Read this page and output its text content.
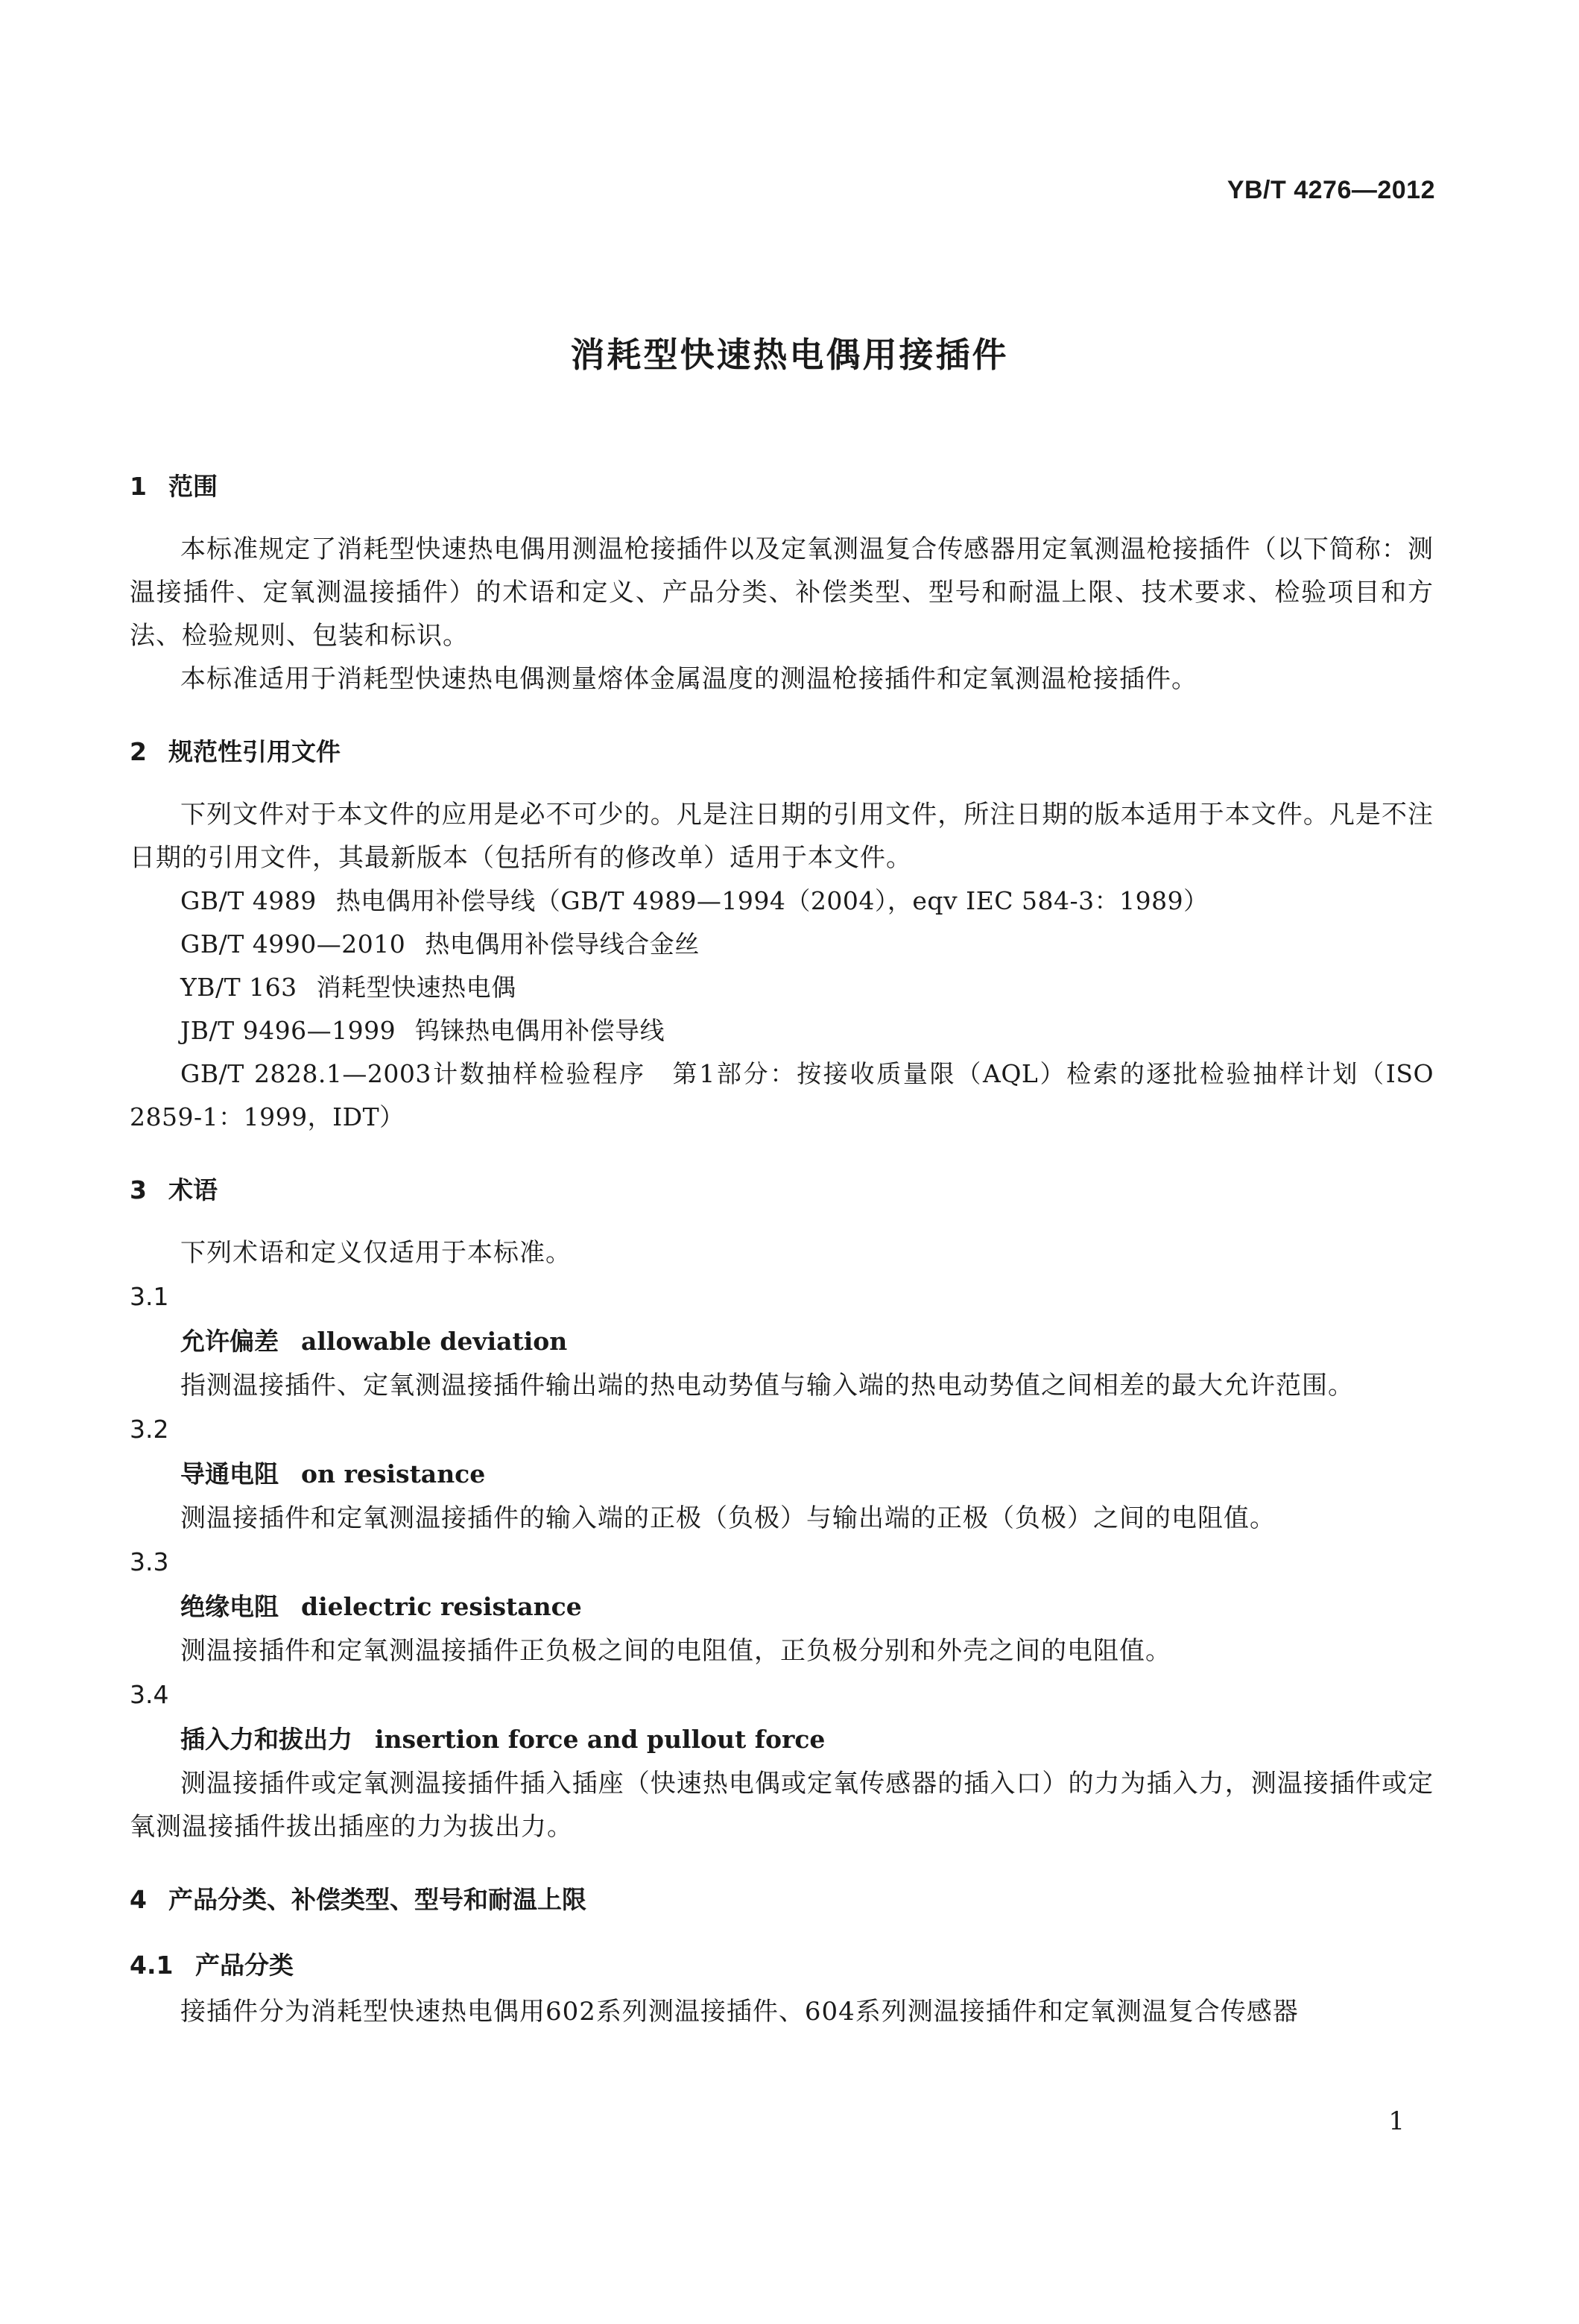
YB/T 4276—2012
消耗型快速热电偶用接插件
1 范围

本标准规定了消耗型快速热电偶用测温枪接插件以及定氧测温复合传感器用定氧测温枪接插件（以下简称：测温接插件、定氧测温接插件）的术语和定义、产品分类、补偿类型、型号和耐温上限、技术要求、检验项目和方法、检验规则、包装和标识。

本标准适用于消耗型快速热电偶测量熔体金属温度的测温枪接插件和定氧测温枪接插件。

2 规范性引用文件

下列文件对于本文件的应用是必不可少的。凡是注日期的引用文件，所注日期的版本适用于本文件。凡是不注日期的引用文件，其最新版本（包括所有的修改单）适用于本文件。

GB/T 4989 热电偶用补偿导线（GB/T 4989—1994（2004），eqv IEC 584-3：1989）

GB/T 4990—2010 热电偶用补偿导线合金丝

YB/T 163 消耗型快速热电偶

JB/T 9496—1999 钨铼热电偶用补偿导线

GB/T 2828.1—2003计数抽样检验程序　第1部分：按接收质量限（AQL）检索的逐批检验抽样计划（ISO 2859-1：1999，IDT）

3 术语

下列术语和定义仅适用于本标准。

3.1

允许偏差 allowable deviation

指测温接插件、定氧测温接插件输出端的热电动势值与输入端的热电动势值之间相差的最大允许范围。

3.2

导通电阻 on resistance

测温接插件和定氧测温接插件的输入端的正极（负极）与输出端的正极（负极）之间的电阻值。

3.3

绝缘电阻 dielectric resistance

测温接插件和定氧测温接插件正负极之间的电阻值，正负极分别和外壳之间的电阻值。

3.4

插入力和拔出力 insertion force and pullout force

测温接插件或定氧测温接插件插入插座（快速热电偶或定氧传感器的插入口）的力为插入力，测温接插件或定氧测温接插件拔出插座的力为拔出力。

4 产品分类、补偿类型、型号和耐温上限
4.1 产品分类

接插件分为消耗型快速热电偶用602系列测温接插件、604系列测温接插件和定氧测温复合传感器

1
